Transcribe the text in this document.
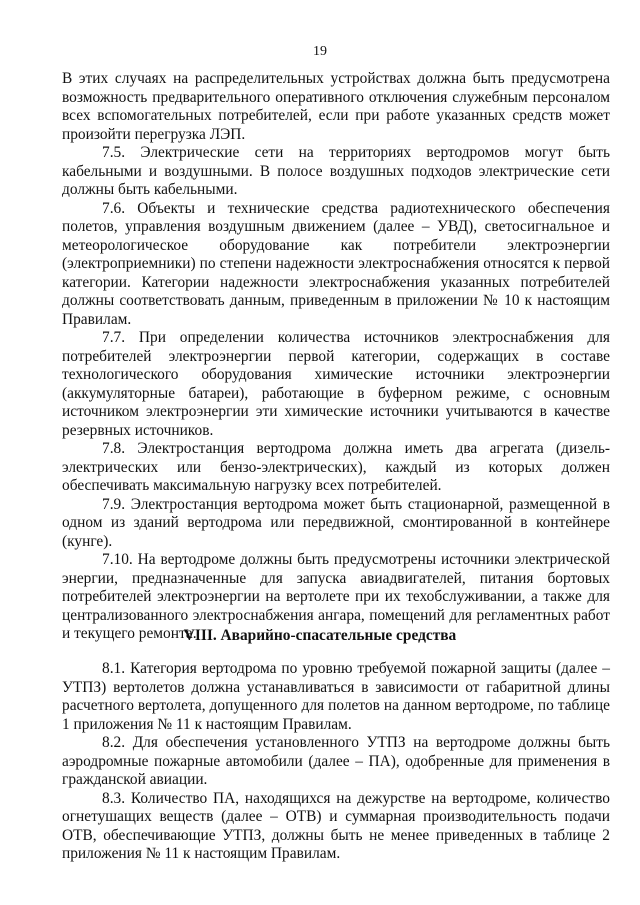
19

В этих случаях на распределительных устройствах должна быть предусмотрена возможность предварительного оперативного отключения служебным персоналом всех вспомогательных потребителей, если при работе указанных средств может произойти перегрузка ЛЭП.

7.5. Электрические сети на территориях вертодромов могут быть кабельными и воздушными. В полосе воздушных подходов электрические сети должны быть кабельными.

7.6. Объекты и технические средства радиотехнического обеспечения полетов, управления воздушным движением (далее – УВД), светосигнальное и метеорологическое оборудование как потребители электроэнергии (электроприемники) по степени надежности электроснабжения относятся к первой категории. Категории надежности электроснабжения указанных потребителей должны соответствовать данным, приведенным в приложении № 10 к настоящим Правилам.

7.7. При определении количества источников электроснабжения для потребителей электроэнергии первой категории, содержащих в составе технологического оборудования химические источники электроэнергии (аккумуляторные батареи), работающие в буферном режиме, с основным источником электроэнергии эти химические источники учитываются в качестве резервных источников.

7.8. Электростанция вертодрома должна иметь два агрегата (дизель-электрических или бензо-электрических), каждый из которых должен обеспечивать максимальную нагрузку всех потребителей.

7.9. Электростанция вертодрома может быть стационарной, размещенной в одном из зданий вертодрома или передвижной, смонтированной в контейнере (кунге).

7.10. На вертодроме должны быть предусмотрены источники электрической энергии, предназначенные для запуска авиадвигателей, питания бортовых потребителей электроэнергии на вертолете при их техобслуживании, а также для централизованного электроснабжения ангара, помещений для регламентных работ и текущего ремонта.

VIII. Аварийно-спасательные средства

8.1. Категория вертодрома по уровню требуемой пожарной защиты (далее – УТПЗ) вертолетов должна устанавливаться в зависимости от габаритной длины расчетного вертолета, допущенного для полетов на данном вертодроме, по таблице 1 приложения № 11 к настоящим Правилам.

8.2. Для обеспечения установленного УТПЗ на вертодроме должны быть аэродромные пожарные автомобили (далее – ПА), одобренные для применения в гражданской авиации.

8.3. Количество ПА, находящихся на дежурстве на вертодроме, количество огнетушащих веществ (далее – ОТВ) и суммарная производительность подачи ОТВ, обеспечивающие УТПЗ, должны быть не менее приведенных в таблице 2 приложения № 11 к настоящим Правилам.
